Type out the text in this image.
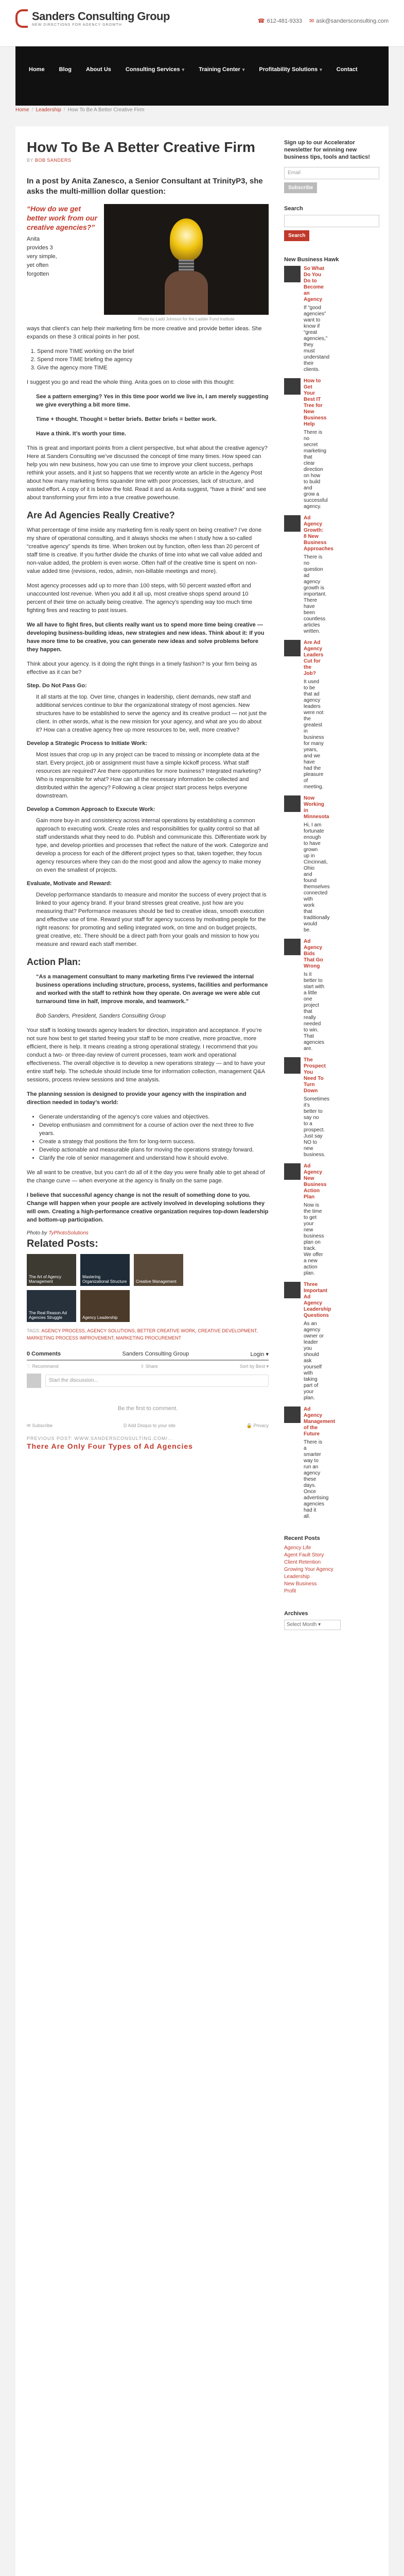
Sanders Consulting Group
NEW DIRECTIONS FOR AGENCY GROWTH
☎ 612-481-9333 ✉ ask@sandersconsulting.com
Home	Blog	About Us	Consulting Services ▾	Training Center ▾	Profitability Solutions ▾	Contact
Home / Leadership / How To Be A Better Creative Firm
How To Be A Better Creative Firm
BY BOB SANDERS
In a post by Anita Zanesco, a Senior Consultant at TrinityP3, she asks the multi-million dollar question:
“How do we get better work from our creative agencies?”
Anita provides 3 very simple, yet often forgotten
Photo by Ladd Johnson for the Ladder Fund Institute

ways that client’s can help their marketing firm be more creative and provide better ideas. She expands on these 3 critical points in her post.

1. Spend more TIME working on the brief
2. Spend more TIME briefing the agency
3. Give the agency more TIME

I suggest you go and read the whole thing. Anita goes on to close with this thought:

See a pattern emerging? Yes in this time poor world we live in, I am merely suggesting we give everything a bit more time.

Time + thought. Thought = better briefs. Better briefs = better work.

Have a think. It’s worth your time.

This is great and important points from a client perspective, but what about the creative agency? Here at Sanders Consulting we’ve discussed the concept of time many times. How speed can help you win new business, how you can use time to improve your client success, perhaps rethink your assets, and it just so happens that we recently wrote an article in the Agency Post about how many marketing firms squander time with poor processes, lack of structure, and wasted effort. A copy of it is below the fold. Read it and as Anita suggest, “have a think” and see about transforming your firm into a true creative powerhouse.

Are Ad Agencies Really Creative?

What percentage of time inside any marketing firm is really spent on being creative? I’ve done my share of operational consulting, and it always shocks me when I study how a so-called “creative agency” spends its time. When broken out by function, often less than 20 percent of staff time is creative. If you further divide the chunks of time into what we call value added and non-value added, the problem is even worse. Often half of the creative time is spent on non-value added time (revisions, redos, admin, non-billable meetings and more).

Most agency processes add up to more than 100 steps, with 50 percent wasted effort and unaccounted lost revenue. When you add it all up, most creative shops spend around 10 percent of their time on actually being creative. The agency’s spending way too much time fighting fires and reacting to past issues.

We all have to fight fires, but clients really want us to spend more time being creative — developing business-building ideas, new strategies and new ideas. Think about it: If you have more time to be creative, you can generate new ideas and solve problems before they happen.

Think about your agency. Is it doing the right things in a timely fashion? Is your firm being as effective as it can be?

Step. Do Not Pass Go:

It all starts at the top. Over time, changes in leadership, client demands, new staff and additional services continue to blur the organizational strategy of most agencies. New structures have to be established to serve the agency and its creative product — not just the client. In other words, what is the new mission for your agency, and what are you do about it? How can a creative agency free up more resources to be, well, more creative?

Develop a Strategic Process to Initiate Work:

Most issues that crop up in any project can be traced to missing or incomplete data at the start. Every project, job or assignment must have a simple kickoff process. What staff resources are required? Are there opportunities for more business? Integrated marketing? Who is responsible for what? How can all the necessary information be collected and distributed within the agency? Following a clear project start process helps everyone downstream.

Develop a Common Approach to Execute Work:

Gain more buy-in and consistency across internal operations by establishing a common approach to executing work. Create roles and responsibilities for quality control so that all staff understands what they need to do. Publish and communicate this. Differentiate work by type, and develop priorities and processes that reflect the nature of the work. Categorize and develop a process for each of the different project types so that, taken together, they focus agency resources where they can do the most good and allow the agency to make money on even the smallest of projects.

Evaluate, Motivate and Reward:

Develop performance standards to measure and monitor the success of every project that is linked to your agency brand. If your brand stresses great creative, just how are you measuring that? Performance measures should be tied to creative ideas, smooth execution and effective use of time. Reward your staff for agency success by motivating people for the right reasons: for promoting and selling integrated work, on time and on budget projects, great creative, etc. There should be a direct path from your goals and mission to how you measure and reward each staff member.

Action Plan:

“As a management consultant to many marketing firms I’ve reviewed the internal business operations including structure, process, systems, facilities and performance and worked with the staff to rethink how they operate. On average we were able cut turnaround time in half, improve morale, and teamwork.”

Bob Sanders, President, Sanders Consulting Group

Your staff is looking towards agency leaders for direction, inspiration and acceptance. If you’re not sure how best to get started freeing your staff to be more creative, more proactive, more efficient, there is help. It means creating a strong operational strategy. I recommend that you conduct a two- or three-day review of current processes, team work and operational effectiveness. The overall objective is to develop a new operations strategy — and to have your entire staff help. The schedule should include time for information collection, management Q&A sessions, process review sessions and time analysis.

The planning session is designed to provide your agency with the inspiration and direction needed in today’s world:

• Generate understanding of the agency’s core values and objectives.
• Develop enthusiasm and commitment for a course of action over the next three to five years.
• Create a strategy that positions the firm for long-term success.
• Develop actionable and measurable plans for moving the operations strategy forward.
• Clarify the role of senior management and understand how it should evolve.

We all want to be creative, but you can’t do all of it the day you were finally able to get ahead of the change curve — when everyone at the agency is finally on the same page.

I believe that successful agency change is not the result of something done to you. Change will happen when your people are actively involved in developing solutions they will own. Creating a high-performance creative organization requires top-down leadership and bottom-up participation.

Photo by TyPhotoSolutions
Related Posts:
The Art of Agency Management
Mastering Organizational Structure	Creative Management
The Real Reason Ad Agencies Struggle	Agency Leadership
TAGS: AGENCY PROCESS, AGENCY SOLUTIONS, BETTER CREATIVE WORK, CREATIVE DEVELOPMENT, MARKETING PROCESS IMPROVEMENT, MARKETING PROCUREMENT
0 Comments	Sanders Consulting Group	Login ▾
♡ Recommend	⇪ Share	Sort by Best ▾
Start the discussion...
Be the first to comment.
✉ Subscribe	D Add Disqus to your site	🔒 Privacy
PREVIOUS POST: WWW.SANDERSCONSULTING.COM/...
There Are Only Four Types of Ad Agencies
Sign up to our Accelerator newsletter for winning new business tips, tools and tactics!
Email
Subscribe
Search
Search
New Business Hawk
So What Do You Do to Become an Agency
If “good agencies” want to know if “great agencies,” they must understand their clients.
How to Get Your Best IT Tree for New Business Help
There is no secret marketing that clear direction on how to build and grow a successful agency.
Ad Agency Growth: 8 New Business Approaches
There is no question ad agency growth is important. There have been countless articles written.
Are Ad Agency Leaders Cut for the Job?
It used to be that ad agency leaders were not the greatest in business for many years, and we have had the pleasure of meeting.
Now Working in Minnesota
Hi, I am fortunate enough to have grown up in Cincinnati, Ohio and found themselves connected with work that traditionally would be.
Ad Agency Bids That Go Wrong
Is it better to start with a little one project that really needed to win. That agencies are.
The Prospect You Need To Turn Down
Sometimes it’s better to say no to a prospect. Just say NO to new business.
Ad Agency New Business Action Plan
Now is the time to get your new business plan on track. We offer a new action plan.
Three Important Ad Agency Leadership Questions
As an agency owner or leader you should ask yourself with taking part of your plan.
Ad Agency Management of the Future
There is a smarter way to run an agency these days. Once advertising agencies had it all.
Recent Posts
Agency Life
Agent Fault Story
Client Retention
Growing Your Agency
Leadership
New Business
Profit
Archives
Select Month ▾
